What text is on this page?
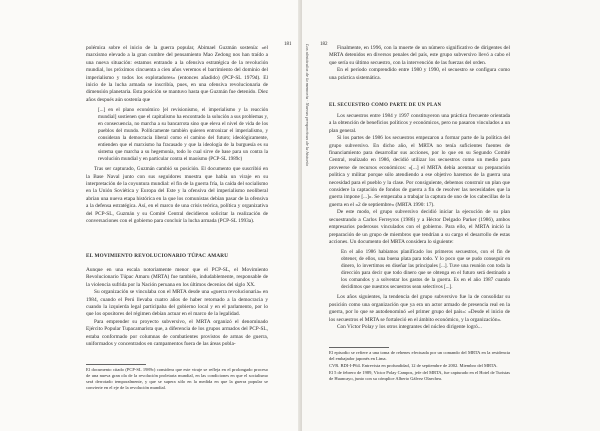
181

polémica sobre el inicio de la guerra popular, Abimael Guzmán sostenía: «el marxismo elevado a la gran cumbre del pensamiento Mao Zedong nos han traído a una nueva situación: estamos entrando a la ofensiva estratégica de la revolución mundial, los próximos cincuenta a cien años veremos el barrimiento del dominio del imperialismo y todos los explotadores» (entonces añadido) (PCP-SL 1979d). El inicio de la lucha armada se inscribía, pues, en una ofensiva revolucionaria de dimensión planetaria. Esta posición se mantuvo hasta que Guzmán fue detenido. Diez años después aún sostenía que

[...] en el plano económico [el revisionismo, el imperialismo y la reacción mundial] sostienen que el capitalismo ha encontrado la solución a sus problemas y, en consecuencia, no marcha a su bancarrota sino que eleva el nivel de vida de los pueblos del mundo. Políticamente también quieren entronizar el imperialismo, y consideran la democracia liberal como el camino del futuro; ideológicamente, entienden que el marxismo ha fracasado y que la ideología de la burguesía es su sistema que marcha a su hegemonía, todo lo cual sirve de base para un contra la revolución mundial y en particular contra el maoísmo (PCP-SL 1989c)

Tras ser capturado, Guzmán cambió su posición. El documento que suscribió en la Base Naval junto con sus seguidores muestra que había un viraje en su interpretación de la coyuntura mundial: el fin de la guerra fría, la caída del socialismo en la Unión Soviética y Europa del Este y la ofensiva del imperialismo neoliberal abrían una nueva etapa histórica en la que los comunistas debían pasar de la ofensiva a la defensa estratégica. Así, en el marco de una crisis teórica, política y organizativa del PCP-SL, Guzmán y su Comité Central decidieron solicitar la realización de conversaciones con el gobierno para concluir la lucha armada (PCP-SL 1993a).

EL MOVIMIENTO REVOLUCIONARIO TÚPAC AMARU

Aunque en una escala notoriamente menor que el PCP-SL, el Movimiento Revolucionario Túpac Amaru (MRTA) fue también, indudablemente, responsable de la violencia sufrida por la Nación peruana en los últimos decenios del siglo XX.

Su organización se vinculaba con el MRTA desde una «guerra revolucionaria» en 1984, cuando el Perú llevaba cuatro años de haber retornado a la democracia y cuando la izquierda legal participaba del gobierno local y en el parlamento, por lo que los opositores del régimen debían actuar en el marco de la legalidad.

Para emprender su proyecto subversivo, el MRTA organizó el denominado Ejército Popular Tupacamarista que, a diferencia de los grupos armados del PCP-SL, estaba conformado por columnas de combatientes provistos de armas de guerra, uniformados y concentrados en campamentos fuera de las áreas pobla-

El documento citado (PCP-SL 1989c) considera que este viraje se refleja en el prolongado proceso de una nueva gran ola de la revolución proletaria mundial, en las condiciones en que el socialismo será derrotado temporalmente, y que se supera sólo en la medida en que la guerra popular se convierte en el eje de la revolución mundial.

Los obstáculos de la memoria · Nuevas perspectivas de la historia 182

Finalmente, en 1996, con la muerte de un número significativo de dirigentes del MRTA detenidos en diversos penales del país, este grupo subversivo llevó a cabo el que sería su último secuestro, con la intervención de las fuerzas del orden.

En el período comprendido entre 1980 y 1990, el secuestro se configura como una práctica sistemática.

EL SECUESTRO COMO PARTE DE UN PLAN

Los secuestros entre 1984 y 1997 constituyeron una práctica frecuente orientada a la obtención de beneficios políticos y económicos, pero no pasaron vinculados a un plan general.

Si los partes de 1986 los secuestros empezaron a formar parte de la política del grupo subversivo. En dicho año, el MRTA no tenía suficientes fuentes de financiamiento para desarrollar sus acciones, por lo que en su Segundo Comité Central, realizado en 1986, decidió utilizar los secuestros como un medio para proveerse de recursos económicos: «[...] el MRTA debía acentuar su preparación política y militar porque sólo atendiendo a ese objetivo haremos de la guerra una necesidad para el pueblo y la clase. Por consiguiente, debemos construir un plan que considere la captación de fondos de guerra a fin de resolver las necesidades que la guerra impone [...]». Se empezaba a trabajar la captura de uno de los cabecillas de la guerra en el «2 de septiembre» (MRTA 1990: 17).

De este modo, el grupo subversivo decidió iniciar la ejecución de su plan secuestrando a Carlos Ferreyros (1986) y a Héctor Delgado Parker (1986), ambos empresarios poderosos vinculados con el gobierno. Para ello, el MRTA inició la preparación de un grupo de miembros que tendrían a su cargo el desarrollo de estas acciones. Un documento del MRTA considera lo siguiente:

En el año 1986 habíamos planificado los primeros secuestros, con el fin de obtener, de ellos, una buena plata para todo. Y lo poco que se pudo conseguir en dinero, lo invertimos en diseñar las principales [...]. Tuve una reunión con toda la dirección para decir que todo dinero que se obtenga en el futuro será destinado a los comandos y a solventar los gastos de la guerra. Es en el año 1987 cuando decidimos que nuestros secuestros sean selectivos [...].

Los años siguientes, la tendencia del grupo subversivo fue la de consolidar su posición como una organización que ya era un actor armado de presencia real en la guerra, por lo que se autodenominó «el primer grupo del país»: «Desde el inicio de los secuestros el MRTA se fortaleció en el ámbito económico, y la organización».

Con Víctor Polay y los otros integrantes del núcleo dirigente logró...

El episodio se refiere a una toma de rehenes efectuada por un comando del MRTA en la residencia del embajador japonés en Lima.

CVR. BDI-I-P64. Entrevista en profundidad, 12 de septiembre de 2002. Miembro del MRTA.

El 5 de febrero de 1989, Víctor Polay Campos, jefe del MRTA, fue capturado en el Hotel de Turistas de Huancayo, junto con su cómplice Alberto Gálvez Olaechea.
